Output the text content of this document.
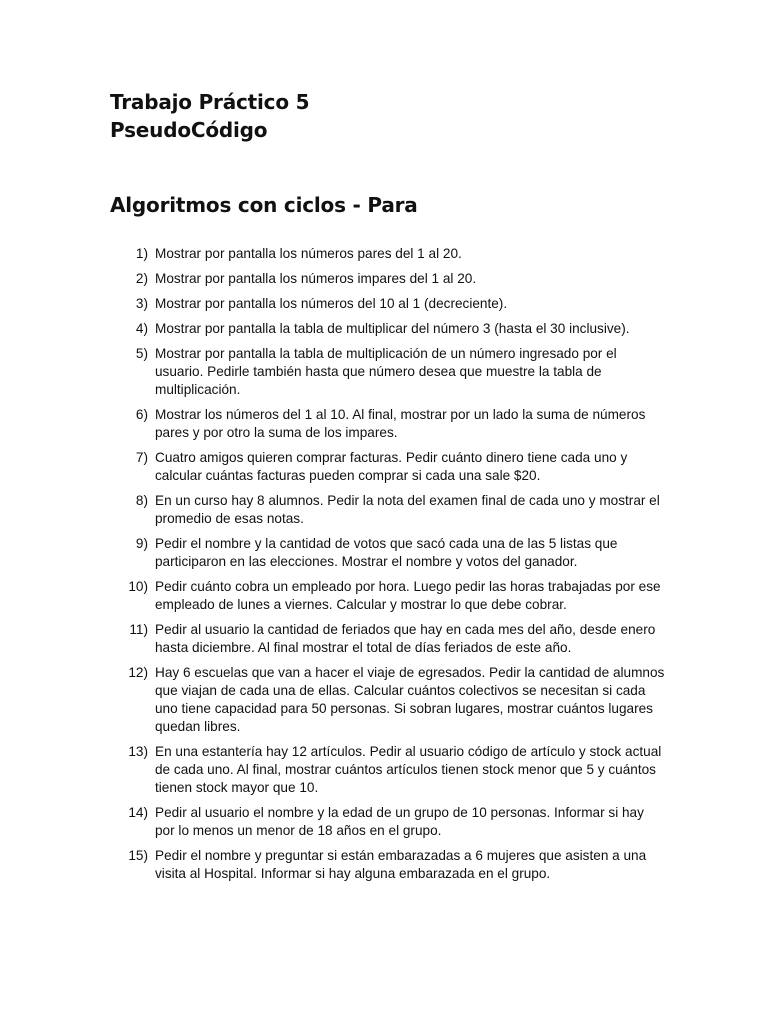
Trabajo Práctico 5
PseudoCódigo
Algoritmos con ciclos - Para
1) Mostrar por pantalla los números pares del 1 al 20.
2) Mostrar por pantalla los números impares del 1 al 20.
3) Mostrar por pantalla los números del 10 al 1 (decreciente).
4) Mostrar por pantalla la tabla de multiplicar del número 3 (hasta el 30 inclusive).
5) Mostrar por pantalla la tabla de multiplicación de un número ingresado por el usuario. Pedirle también hasta que número desea que muestre la tabla de multiplicación.
6) Mostrar los números del 1 al 10. Al final, mostrar por un lado la suma de números pares y por otro la suma de los impares.
7) Cuatro amigos quieren comprar facturas. Pedir cuánto dinero tiene cada uno y calcular cuántas facturas pueden comprar si cada una sale $20.
8) En un curso hay 8 alumnos. Pedir la nota del examen final de cada uno y mostrar el promedio de esas notas.
9) Pedir el nombre y la cantidad de votos que sacó cada una de las 5 listas que participaron en las elecciones. Mostrar el nombre y votos del ganador.
10) Pedir cuánto cobra un empleado por hora. Luego pedir las horas trabajadas por ese empleado de lunes a viernes. Calcular y mostrar lo que debe cobrar.
11) Pedir al usuario la cantidad de feriados que hay en cada mes del año, desde enero hasta diciembre. Al final mostrar el total de días feriados de este año.
12) Hay 6 escuelas que van a hacer el viaje de egresados. Pedir la cantidad de alumnos que viajan de cada una de ellas. Calcular cuántos colectivos se necesitan si cada uno tiene capacidad para 50 personas. Si sobran lugares, mostrar cuántos lugares quedan libres.
13) En una estantería hay 12 artículos. Pedir al usuario código de artículo y stock actual de cada uno. Al final, mostrar cuántos artículos tienen stock menor que 5 y cuántos tienen stock mayor que 10.
14) Pedir al usuario el nombre y la edad de un grupo de 10 personas. Informar si hay por lo menos un menor de 18 años en el grupo.
15) Pedir el nombre y preguntar si están embarazadas a 6 mujeres que asisten a una visita al Hospital. Informar si hay alguna embarazada en el grupo.
